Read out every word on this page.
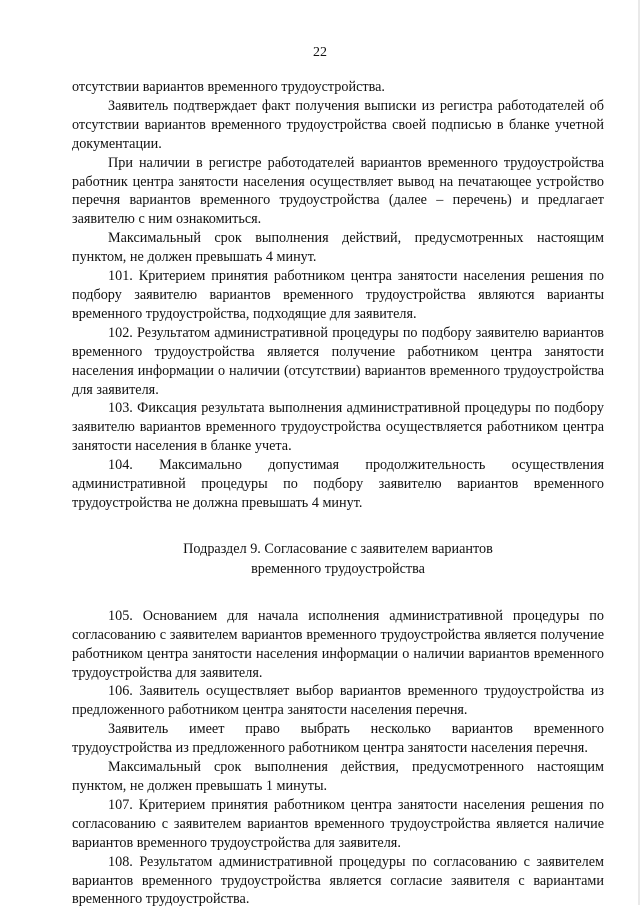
22

отсутствии вариантов временного трудоустройства.

Заявитель подтверждает факт получения выписки из регистра работодателей об отсутствии вариантов временного трудоустройства своей подписью в бланке учетной документации.

При наличии в регистре работодателей вариантов временного трудоустройства работник центра занятости населения осуществляет вывод на печатающее устройство перечня вариантов временного трудоустройства (далее – перечень) и предлагает заявителю с ним ознакомиться.

Максимальный срок выполнения действий, предусмотренных настоящим пунктом, не должен превышать 4 минут.

101. Критерием принятия работником центра занятости населения решения по подбору заявителю вариантов временного трудоустройства являются варианты временного трудоустройства, подходящие для заявителя.

102. Результатом административной процедуры по подбору заявителю вариантов временного трудоустройства является получение работником центра занятости населения информации о наличии (отсутствии) вариантов временного трудоустройства для заявителя.

103. Фиксация результата выполнения административной процедуры по подбору заявителю вариантов временного трудоустройства осуществляется работником центра занятости населения в бланке учета.

104. Максимально допустимая продолжительность осуществления административной процедуры по подбору заявителю вариантов временного трудоустройства не должна превышать 4 минут.

Подраздел 9. Согласование с заявителем вариантов
временного трудоустройства

105. Основанием для начала исполнения административной процедуры по согласованию с заявителем вариантов временного трудоустройства является получение работником центра занятости населения информации о наличии вариантов временного трудоустройства для заявителя.

106. Заявитель осуществляет выбор вариантов временного трудоустройства из предложенного работником центра занятости населения перечня.

Заявитель имеет право выбрать несколько вариантов временного трудоустройства из предложенного работником центра занятости населения перечня.

Максимальный срок выполнения действия, предусмотренного настоящим пунктом, не должен превышать 1 минуты.

107. Критерием принятия работником центра занятости населения решения по согласованию с заявителем вариантов временного трудоустройства является наличие вариантов временного трудоустройства для заявителя.

108. Результатом административной процедуры по согласованию с заявителем вариантов временного трудоустройства является согласие заявителя с вариантами временного трудоустройства.
